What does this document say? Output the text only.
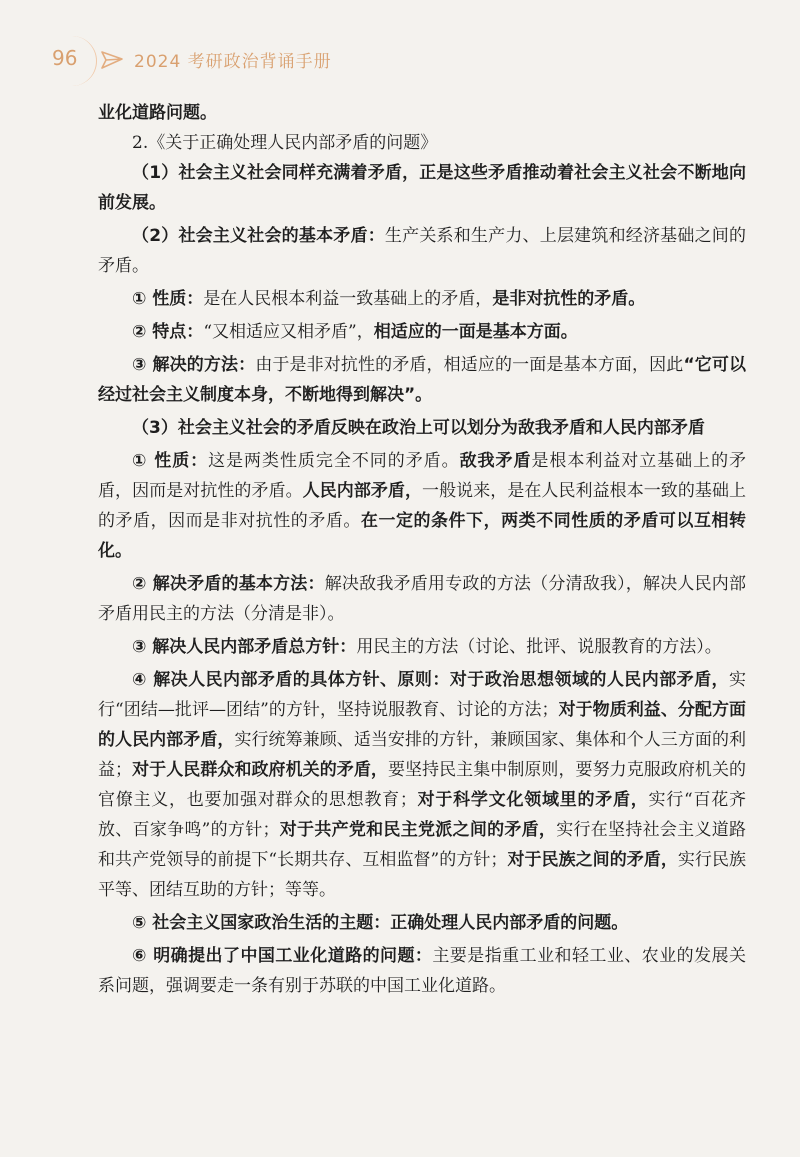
96	2024 考研政治背诵手册

业化道路问题。

2.《关于正确处理人民内部矛盾的问题》

（1）社会主义社会同样充满着矛盾，正是这些矛盾推动着社会主义社会不断地向前发展。

（2）社会主义社会的基本矛盾：生产关系和生产力、上层建筑和经济基础之间的矛盾。

① 性质：是在人民根本利益一致基础上的矛盾，是非对抗性的矛盾。

② 特点：“又相适应又相矛盾”，相适应的一面是基本方面。

③ 解决的方法：由于是非对抗性的矛盾，相适应的一面是基本方面，因此“它可以经过社会主义制度本身，不断地得到解决”。

（3）社会主义社会的矛盾反映在政治上可以划分为敌我矛盾和人民内部矛盾

① 性质：这是两类性质完全不同的矛盾。敌我矛盾是根本利益对立基础上的矛盾，因而是对抗性的矛盾。人民内部矛盾，一般说来，是在人民利益根本一致的基础上的矛盾，因而是非对抗性的矛盾。在一定的条件下，两类不同性质的矛盾可以互相转化。

② 解决矛盾的基本方法：解决敌我矛盾用专政的方法（分清敌我），解决人民内部矛盾用民主的方法（分清是非）。

③ 解决人民内部矛盾总方针：用民主的方法（讨论、批评、说服教育的方法）。

④ 解决人民内部矛盾的具体方针、原则：对于政治思想领域的人民内部矛盾，实行“团结—批评—团结”的方针，坚持说服教育、讨论的方法；对于物质利益、分配方面的人民内部矛盾，实行统筹兼顾、适当安排的方针，兼顾国家、集体和个人三方面的利益；对于人民群众和政府机关的矛盾，要坚持民主集中制原则，要努力克服政府机关的官僚主义，也要加强对群众的思想教育；对于科学文化领域里的矛盾，实行“百花齐放、百家争鸣”的方针；对于共产党和民主党派之间的矛盾，实行在坚持社会主义道路和共产党领导的前提下“长期共存、互相监督”的方针；对于民族之间的矛盾，实行民族平等、团结互助的方针；等等。

⑤ 社会主义国家政治生活的主题：正确处理人民内部矛盾的问题。

⑥ 明确提出了中国工业化道路的问题：主要是指重工业和轻工业、农业的发展关系问题，强调要走一条有别于苏联的中国工业化道路。
